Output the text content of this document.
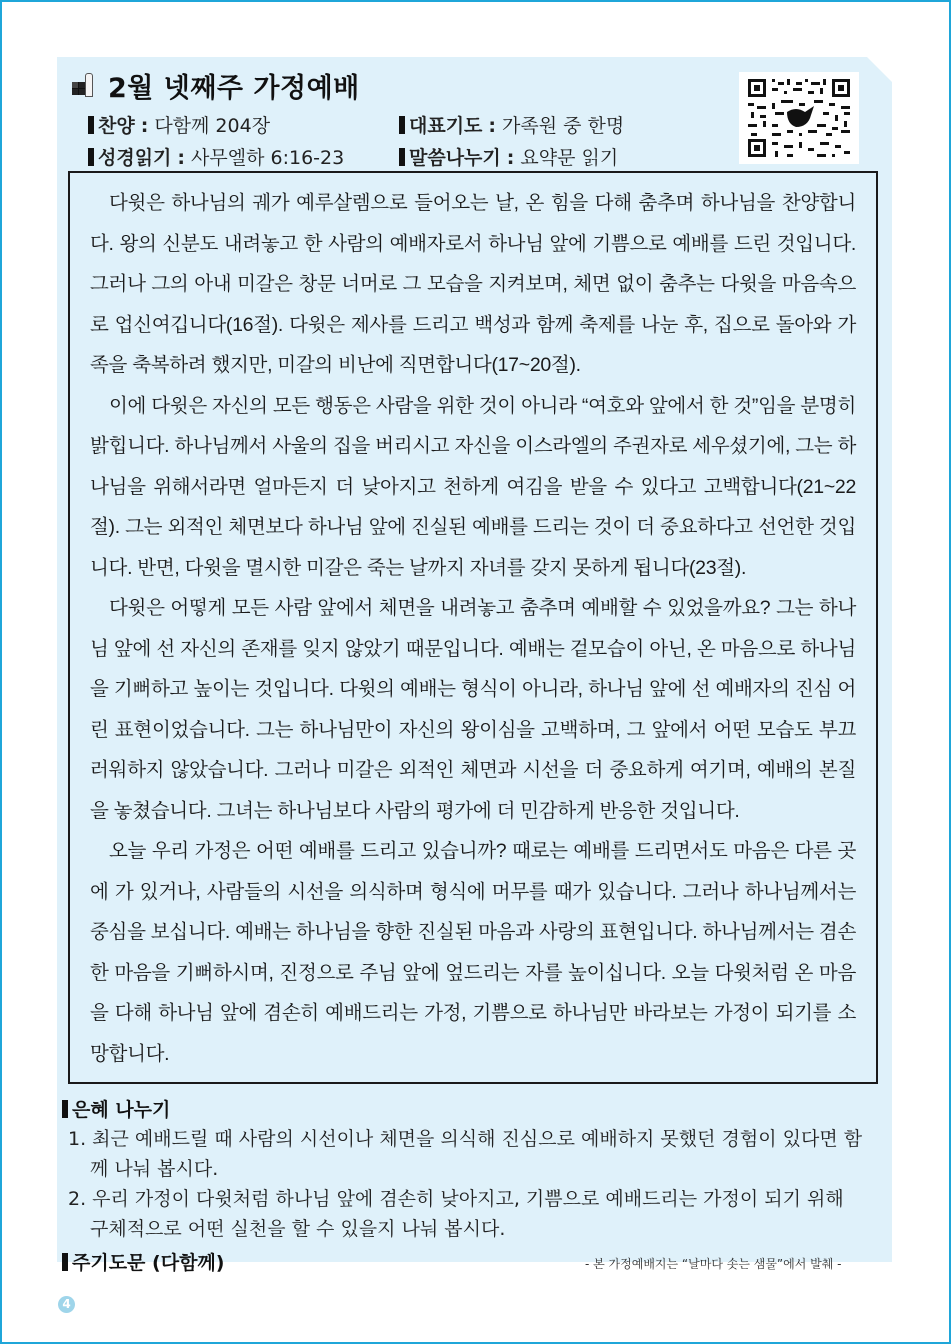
2월 넷째주 가정예배
찬양 : 다함께 204장	대표기도 : 가족원 중 한명
성경읽기 : 사무엘하 6:16-23	말씀나누기 : 요약문 읽기

다윗은 하나님의 궤가 예루살렘으로 들어오는 날, 온 힘을 다해 춤추며 하나님을 찬양합니다. 왕의 신분도 내려놓고 한 사람의 예배자로서 하나님 앞에 기쁨으로 예배를 드린 것입니다. 그러나 그의 아내 미갈은 창문 너머로 그 모습을 지켜보며, 체면 없이 춤추는 다윗을 마음속으로 업신여깁니다(16절). 다윗은 제사를 드리고 백성과 함께 축제를 나눈 후, 집으로 돌아와 가족을 축복하려 했지만, 미갈의 비난에 직면합니다(17~20절).

이에 다윗은 자신의 모든 행동은 사람을 위한 것이 아니라 “여호와 앞에서 한 것”임을 분명히 밝힙니다. 하나님께서 사울의 집을 버리시고 자신을 이스라엘의 주권자로 세우셨기에, 그는 하나님을 위해서라면 얼마든지 더 낮아지고 천하게 여김을 받을 수 있다고 고백합니다(21~22절). 그는 외적인 체면보다 하나님 앞에 진실된 예배를 드리는 것이 더 중요하다고 선언한 것입니다. 반면, 다윗을 멸시한 미갈은 죽는 날까지 자녀를 갖지 못하게 됩니다(23절).

다윗은 어떻게 모든 사람 앞에서 체면을 내려놓고 춤추며 예배할 수 있었을까요? 그는 하나님 앞에 선 자신의 존재를 잊지 않았기 때문입니다. 예배는 겉모습이 아닌, 온 마음으로 하나님을 기뻐하고 높이는 것입니다. 다윗의 예배는 형식이 아니라, 하나님 앞에 선 예배자의 진심 어린 표현이었습니다. 그는 하나님만이 자신의 왕이심을 고백하며, 그 앞에서 어떤 모습도 부끄러워하지 않았습니다. 그러나 미갈은 외적인 체면과 시선을 더 중요하게 여기며, 예배의 본질을 놓쳤습니다. 그녀는 하나님보다 사람의 평가에 더 민감하게 반응한 것입니다.

오늘 우리 가정은 어떤 예배를 드리고 있습니까? 때로는 예배를 드리면서도 마음은 다른 곳에 가 있거나, 사람들의 시선을 의식하며 형식에 머무를 때가 있습니다. 그러나 하나님께서는 중심을 보십니다. 예배는 하나님을 향한 진실된 마음과 사랑의 표현입니다. 하나님께서는 겸손한 마음을 기뻐하시며, 진정으로 주님 앞에 엎드리는 자를 높이십니다. 오늘 다윗처럼 온 마음을 다해 하나님 앞에 겸손히 예배드리는 가정, 기쁨으로 하나님만 바라보는 가정이 되기를 소망합니다.

은혜 나누기
1. 최근 예배드릴 때 사람의 시선이나 체면을 의식해 진심으로 예배하지 못했던 경험이 있다면 함께 나눠 봅시다.
2. 우리 가정이 다윗처럼 하나님 앞에 겸손히 낮아지고, 기쁨으로 예배드리는 가정이 되기 위해 구체적으로 어떤 실천을 할 수 있을지 나눠 봅시다.
주기도문 (다함께)	- 본 가정예배지는 “날마다 솟는 샘물”에서 발췌 -
4
